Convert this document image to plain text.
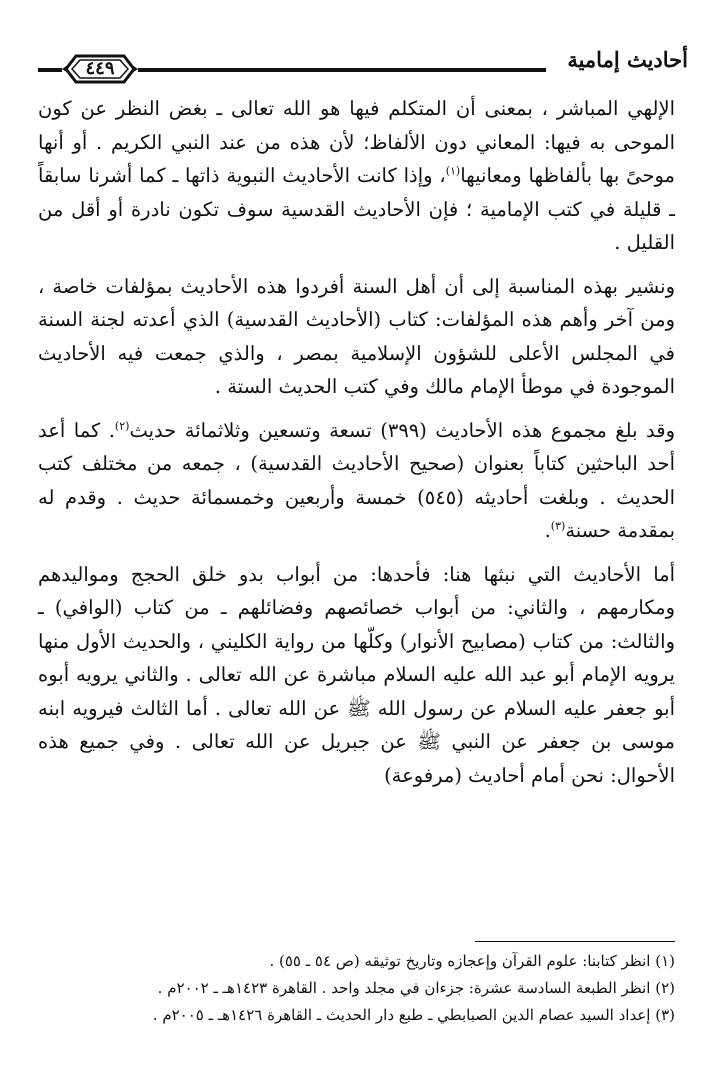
أحاديث إمامية
٤٤٩

الإلهي المباشر ، بمعنى أن المتكلم فيها هو الله تعالى ـ بغض النظر عن كون الموحى به فيها: المعاني دون الألفاظ؛ لأن هذه من عند النبي الكريم . أو أنها موحىً بها بألفاظها ومعانيها$^{(١)}$، وإذا كانت الأحاديث النبوية ذاتها ـ كما أشرنا سابقاً ـ قليلة في كتب الإمامية ؛ فإن الأحاديث القدسية سوف تكون نادرة أو أقل من القليل .

ونشير بهذه المناسبة إلى أن أهل السنة أفردوا هذه الأحاديث بمؤلفات خاصة ، ومن آخر وأهم هذه المؤلفات: كتاب (الأحاديث القدسية) الذي أعدته لجنة السنة في المجلس الأعلى للشؤون الإسلامية بمصر ، والذي جمعت فيه الأحاديث الموجودة في موطأ الإمام مالك وفي كتب الحديث الستة .

وقد بلغ مجموع هذه الأحاديث (٣٩٩) تسعة وتسعين وثلاثمائة حديث$^{(٢)}$. كما أعد أحد الباحثين كتاباً بعنوان (صحيح الأحاديث القدسية) ، جمعه من مختلف كتب الحديث . وبلغت أحاديثه (٥٤٥) خمسة وأربعين وخمسمائة حديث . وقدم له بمقدمة حسنة$^{(٣)}$.

أما الأحاديث التي نبثها هنا: فأحدها: من أبواب بدو خلق الحجج ومواليدهم ومكارمهم ، والثاني: من أبواب خصائصهم وفضائلهم ـ من كتاب (الوافي) ـ والثالث: من كتاب (مصابيح الأنوار) وكلّها من رواية الكليني ، والحديث الأول منها يرويه الإمام أبو عبد الله عليه السلام مباشرة عن الله تعالى . والثاني يرويه أبوه أبو جعفر عليه السلام عن رسول الله ﷺ عن الله تعالى . أما الثالث فيرويه ابنه موسى بن جعفر عن النبي ﷺ عن جبريل عن الله تعالى . وفي جميع هذه الأحوال: نحن أمام أحاديث (مرفوعة)

(١) انظر كتابنا: علوم القرآن وإعجازه وتاريخ توثيقه (ص ٥٤ ـ ٥٥) .
(٢) انظر الطبعة السادسة عشرة: جزءان في مجلد واحد . القاهرة ١٤٢٣هـ ـ ٢٠٠٢م .
(٣) إعداد السيد عصام الدين الصبابطي ـ طبع دار الحديث ـ القاهرة ١٤٢٦هـ ـ ٢٠٠٥م .
